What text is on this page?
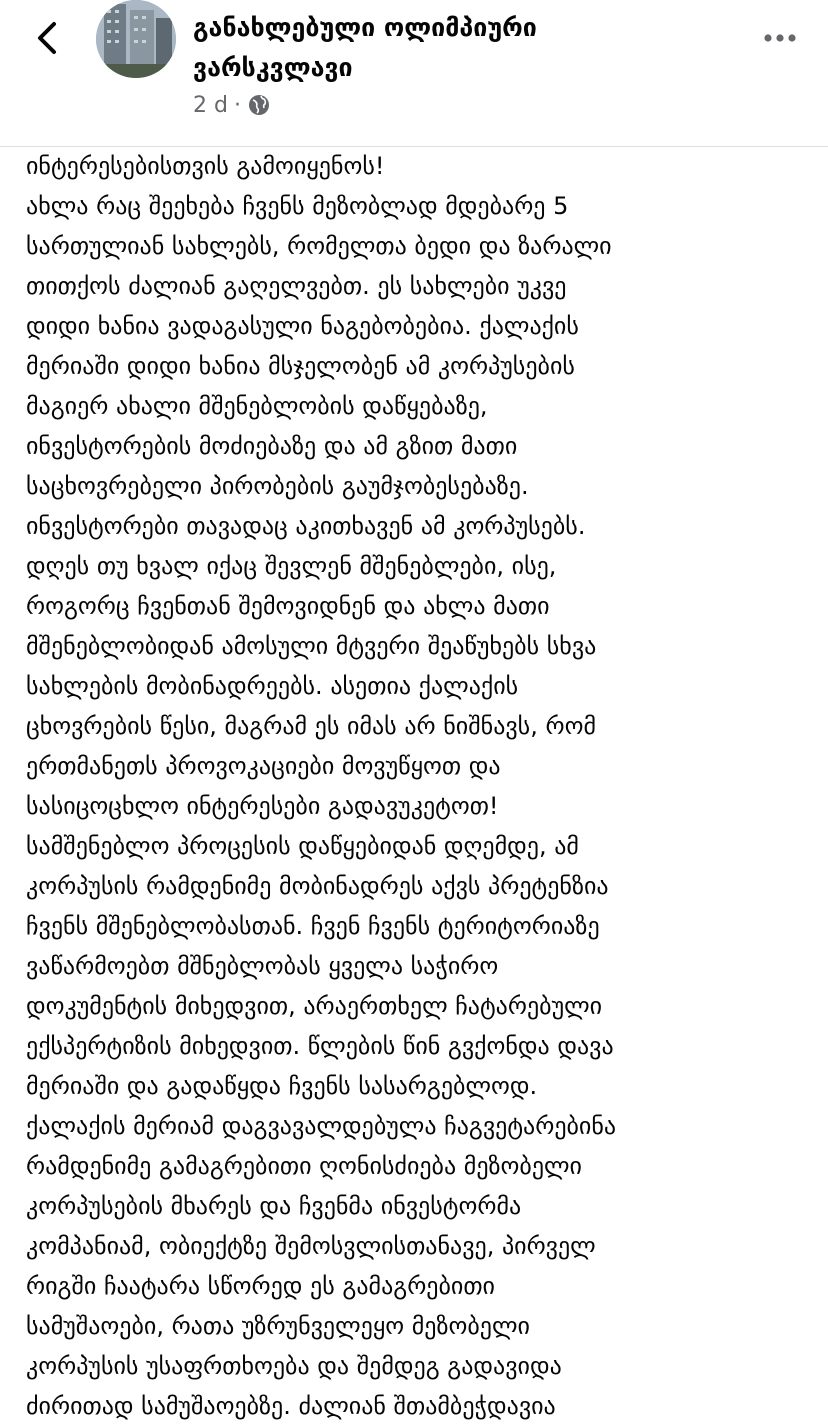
განახლებული ოლიმპიური
ვარსკვლავი
2 d ·
ინტერესებისთვის გამოიყენოს!
ახლა რაც შეეხება ჩვენს მეზობლად მდებარე 5
სართულიან სახლებს, რომელთა ბედი და ზარალი
თითქოს ძალიან გაღელვებთ. ეს სახლები უკვე
დიდი ხანია ვადაგასული ნაგებობებია. ქალაქის
მერიაში დიდი ხანია მსჯელობენ ამ კორპუსების
მაგიერ ახალი მშენებლობის დაწყებაზე,
ინვესტორების მოძიებაზე და ამ გზით მათი
საცხოვრებელი პირობების გაუმჯობესებაზე.
ინვესტორები თავადაც აკითხავენ ამ კორპუსებს.
დღეს თუ ხვალ იქაც შევლენ მშენებლები, ისე,
როგორც ჩვენთან შემოვიდნენ და ახლა მათი
მშენებლობიდან ამოსული მტვერი შეაწუხებს სხვა
სახლების მობინადრეებს. ასეთია ქალაქის
ცხოვრების წესი, მაგრამ ეს იმას არ ნიშნავს, რომ
ერთმანეთს პროვოკაციები მოვუწყოთ და
სასიცოცხლო ინტერესები გადავუკეტოთ!
სამშენებლო პროცესის დაწყებიდან დღემდე, ამ
კორპუსის რამდენიმე მობინადრეს აქვს პრეტენზია
ჩვენს მშენებლობასთან. ჩვენ ჩვენს ტერიტორიაზე
ვაწარმოებთ მშნებლობას ყველა საჭირო
დოკუმენტის მიხედვით, არაერთხელ ჩატარებული
ექსპერტიზის მიხედვით. წლების წინ გვქონდა დავა
მერიაში და გადაწყდა ჩვენს სასარგებლოდ.
ქალაქის მერიამ დაგვავალდებულა ჩაგვეტარებინა
რამდენიმე გამაგრებითი ღონისძიება მეზობელი
კორპუსების მხარეს და ჩვენმა ინვესტორმა
კომპანიამ, ობიექტზე შემოსვლისთანავე, პირველ
რიგში ჩაატარა სწორედ ეს გამაგრებითი
სამუშაოები, რათა უზრუნველეყო მეზობელი
კორპუსის უსაფრთხოება და შემდეგ გადავიდა
ძირითად სამუშაოებზე. ძალიან შთამბეჭდავია
